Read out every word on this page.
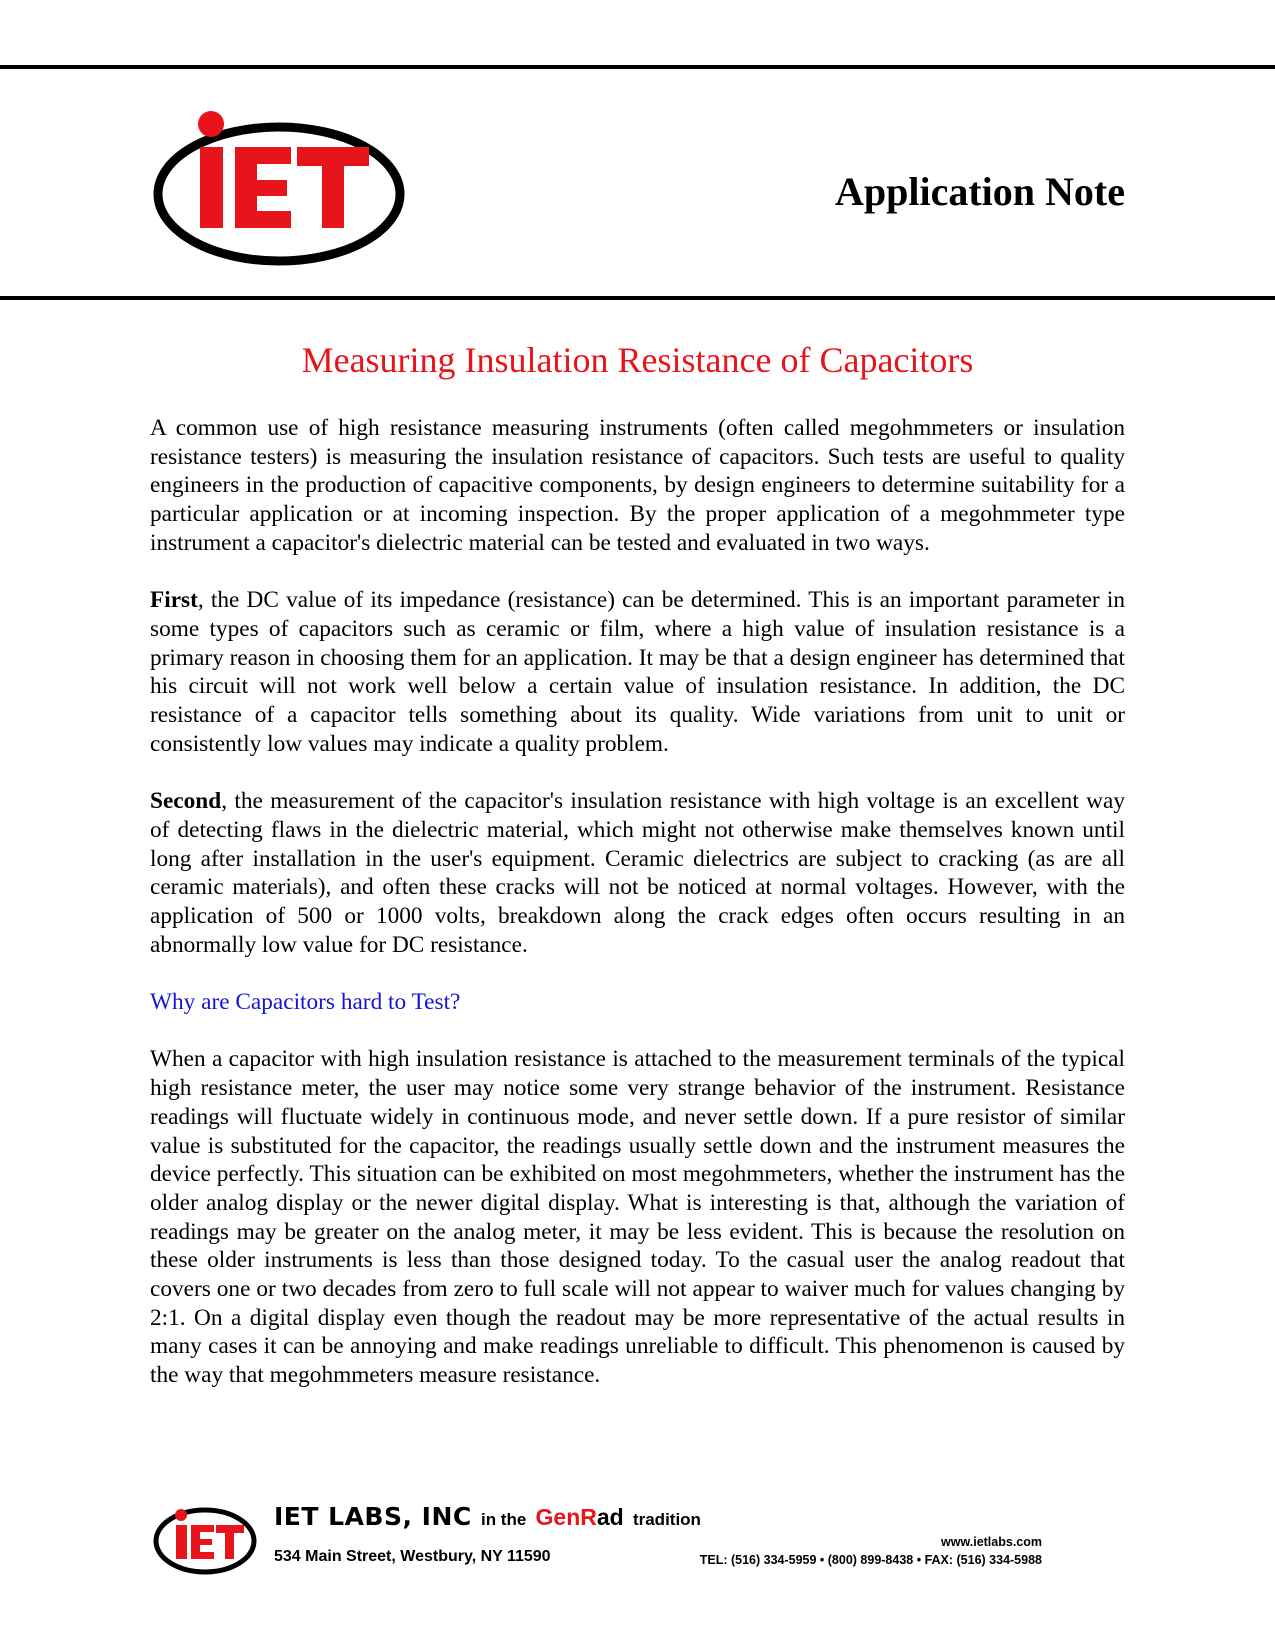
Application Note
Measuring Insulation Resistance of Capacitors

A common use of high resistance measuring instruments (often called megohmmeters or insulation resistance testers) is measuring the insulation resistance of capacitors. Such tests are useful to quality engineers in the production of capacitive components, by design engineers to determine suitability for a particular application or at incoming inspection. By the proper application of a megohmmeter type instrument a capacitor's dielectric material can be tested and evaluated in two ways.

First, the DC value of its impedance (resistance) can be determined. This is an important parameter in some types of capacitors such as ceramic or film, where a high value of insulation resistance is a primary reason in choosing them for an application. It may be that a design engineer has determined that his circuit will not work well below a certain value of insulation resistance. In addition, the DC resistance of a capacitor tells something about its quality. Wide variations from unit to unit or consistently low values may indicate a quality problem.

Second, the measurement of the capacitor's insulation resistance with high voltage is an excellent way of detecting flaws in the dielectric material, which might not otherwise make themselves known until long after installation in the user's equipment. Ceramic dielectrics are subject to cracking (as are all ceramic materials), and often these cracks will not be noticed at normal voltages. However, with the application of 500 or 1000 volts, breakdown along the crack edges often occurs resulting in an abnormally low value for DC resistance.

Why are Capacitors hard to Test?

When a capacitor with high insulation resistance is attached to the measurement terminals of the typical high resistance meter, the user may notice some very strange behavior of the instrument. Resistance readings will fluctuate widely in continuous mode, and never settle down. If a pure resistor of similar value is substituted for the capacitor, the readings usually settle down and the instrument measures the device perfectly. This situation can be exhibited on most megohmmeters, whether the instrument has the older analog display or the newer digital display. What is interesting is that, although the variation of readings may be greater on the analog meter, it may be less evident. This is because the resolution on these older instruments is less than those designed today. To the casual user the analog readout that covers one or two decades from zero to full scale will not appear to waiver much for values changing by 2:1. On a digital display even though the readout may be more representative of the actual results in many cases it can be annoying and make readings unreliable to difficult. This phenomenon is caused by the way that megohmmeters measure resistance.

IET LABS, INC in the GenRad tradition
534 Main Street, Westbury, NY 11590
www.ietlabs.com
TEL: (516) 334-5959 • (800) 899-8438 • FAX: (516) 334-5988
